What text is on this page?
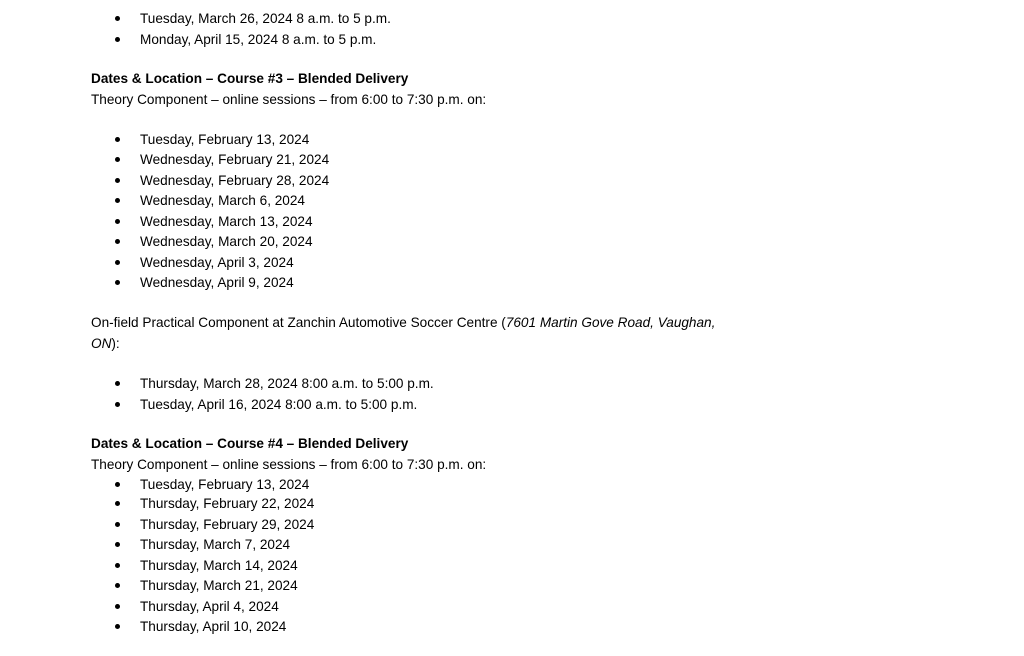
Tuesday, March 26, 2024 8 a.m. to 5 p.m.
Monday, April 15, 2024 8 a.m. to 5 p.m.
Dates & Location – Course #3 – Blended Delivery
Theory Component – online sessions – from 6:00 to 7:30 p.m. on:
Tuesday, February 13, 2024
Wednesday, February 21, 2024
Wednesday, February 28, 2024
Wednesday, March 6, 2024
Wednesday, March 13, 2024
Wednesday, March 20, 2024
Wednesday, April 3, 2024
Wednesday, April 9, 2024
On-field Practical Component at Zanchin Automotive Soccer Centre (7601 Martin Gove Road, Vaughan,
ON):
Thursday, March 28, 2024 8:00 a.m. to 5:00 p.m.
Tuesday, April 16, 2024 8:00 a.m. to 5:00 p.m.
Dates & Location – Course #4 – Blended Delivery
Theory Component – online sessions – from 6:00 to 7:30 p.m. on:
Tuesday, February 13, 2024
Thursday, February 22, 2024
Thursday, February 29, 2024
Thursday, March 7, 2024
Thursday, March 14, 2024
Thursday, March 21, 2024
Thursday, April 4, 2024
Thursday, April 10, 2024
